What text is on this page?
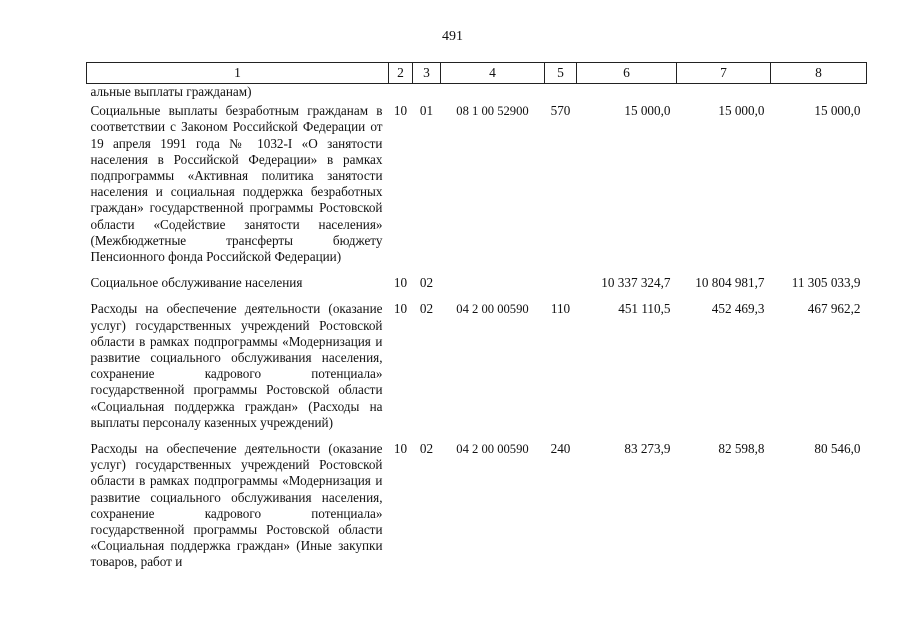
491
1	2	3	4	5	6	7	8
альные выплаты гражданам)							
Социальные выплаты безработным гражданам в соответствии с Законом Российской Федерации от 19 апреля 1991 года № 1032-I «О занятости населения в Российской Федерации» в рамках подпрограммы «Активная политика занятости населения и социальная поддержка безработных граждан» государственной программы Ростовской области «Содействие занятости населения» (Межбюджетные трансферты бюджету Пенсионного фонда Российской Федерации)	10	01	08 1 00 52900	570	15 000,0	15 000,0	15 000,0
Социальное обслуживание населения	10	02			10 337 324,7	10 804 981,7	11 305 033,9
Расходы на обеспечение деятельности (оказание услуг) государственных учреждений Ростовской области в рамках подпрограммы «Модернизация и развитие социального обслуживания населения, сохранение кадрового потенциала» государственной программы Ростовской области «Социальная поддержка граждан» (Расходы на выплаты персоналу казенных учреждений)	10	02	04 2 00 00590	110	451 110,5	452 469,3	467 962,2
Расходы на обеспечение деятельности (оказание услуг) государственных учреждений Ростовской области в рамках подпрограммы «Модернизация и развитие социального обслуживания населения, сохранение кадрового потенциала» государственной программы Ростовской области «Социальная поддержка граждан» (Иные закупки товаров, работ и	10	02	04 2 00 00590	240	83 273,9	82 598,8	80 546,0
